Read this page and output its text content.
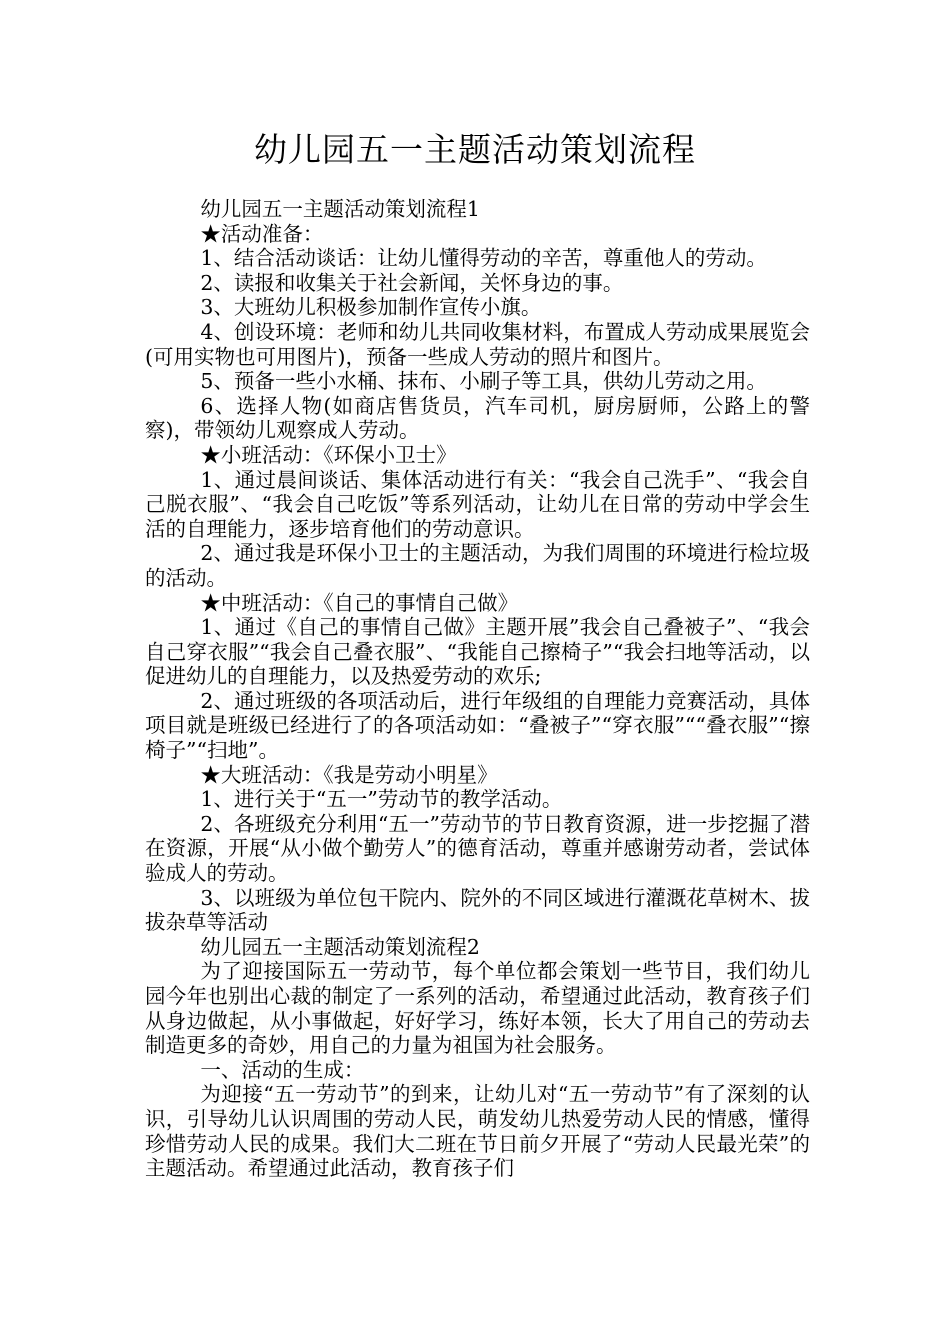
幼儿园五一主题活动策划流程

幼儿园五一主题活动策划流程1

★活动准备：

1、结合活动谈话：让幼儿懂得劳动的辛苦，尊重他人的劳动。

2、读报和收集关于社会新闻，关怀身边的事。

3、大班幼儿积极参加制作宣传小旗。

4、创设环境：老师和幼儿共同收集材料，布置成人劳动成果展览会(可用实物也可用图片)，预备一些成人劳动的照片和图片。

5、预备一些小水桶、抹布、小刷子等工具，供幼儿劳动之用。

6、选择人物(如商店售货员，汽车司机，厨房厨师，公路上的警察)，带领幼儿观察成人劳动。

★小班活动：《环保小卫士》

1、通过晨间谈话、集体活动进行有关：“我会自己洗手”、“我会自己脱衣服”、“我会自己吃饭”等系列活动，让幼儿在日常的劳动中学会生活的自理能力，逐步培育他们的劳动意识。

2、通过我是环保小卫士的主题活动，为我们周围的环境进行检垃圾的活动。

★中班活动：《自己的事情自己做》

1、通过《自己的事情自己做》主题开展”我会自己叠被子”、“我会自己穿衣服”“我会自己叠衣服”、“我能自己擦椅子”“我会扫地等活动，以促进幼儿的自理能力，以及热爱劳动的欢乐;

2、通过班级的各项活动后，进行年级组的自理能力竞赛活动，具体项目就是班级已经进行了的各项活动如：“叠被子”“穿衣服”““叠衣服”“擦椅子”“扫地”。

★大班活动：《我是劳动小明星》

1、进行关于“五一”劳动节的教学活动。

2、各班级充分利用“五一”劳动节的节日教育资源，进一步挖掘了潜在资源，开展“从小做个勤劳人”的德育活动，尊重并感谢劳动者，尝试体验成人的劳动。

3、以班级为单位包干院内、院外的不同区域进行灌溉花草树木、拔拔杂草等活动

幼儿园五一主题活动策划流程2

为了迎接国际五一劳动节，每个单位都会策划一些节目，我们幼儿园今年也别出心裁的制定了一系列的活动，希望通过此活动，教育孩子们从身边做起，从小事做起，好好学习，练好本领，长大了用自己的劳动去制造更多的奇妙，用自己的力量为祖国为社会服务。

一、活动的生成：

为迎接“五一劳动节”的到来，让幼儿对“五一劳动节”有了深刻的认识，引导幼儿认识周围的劳动人民，萌发幼儿热爱劳动人民的情感，懂得珍惜劳动人民的成果。我们大二班在节日前夕开展了“劳动人民最光荣”的主题活动。希望通过此活动，教育孩子们
